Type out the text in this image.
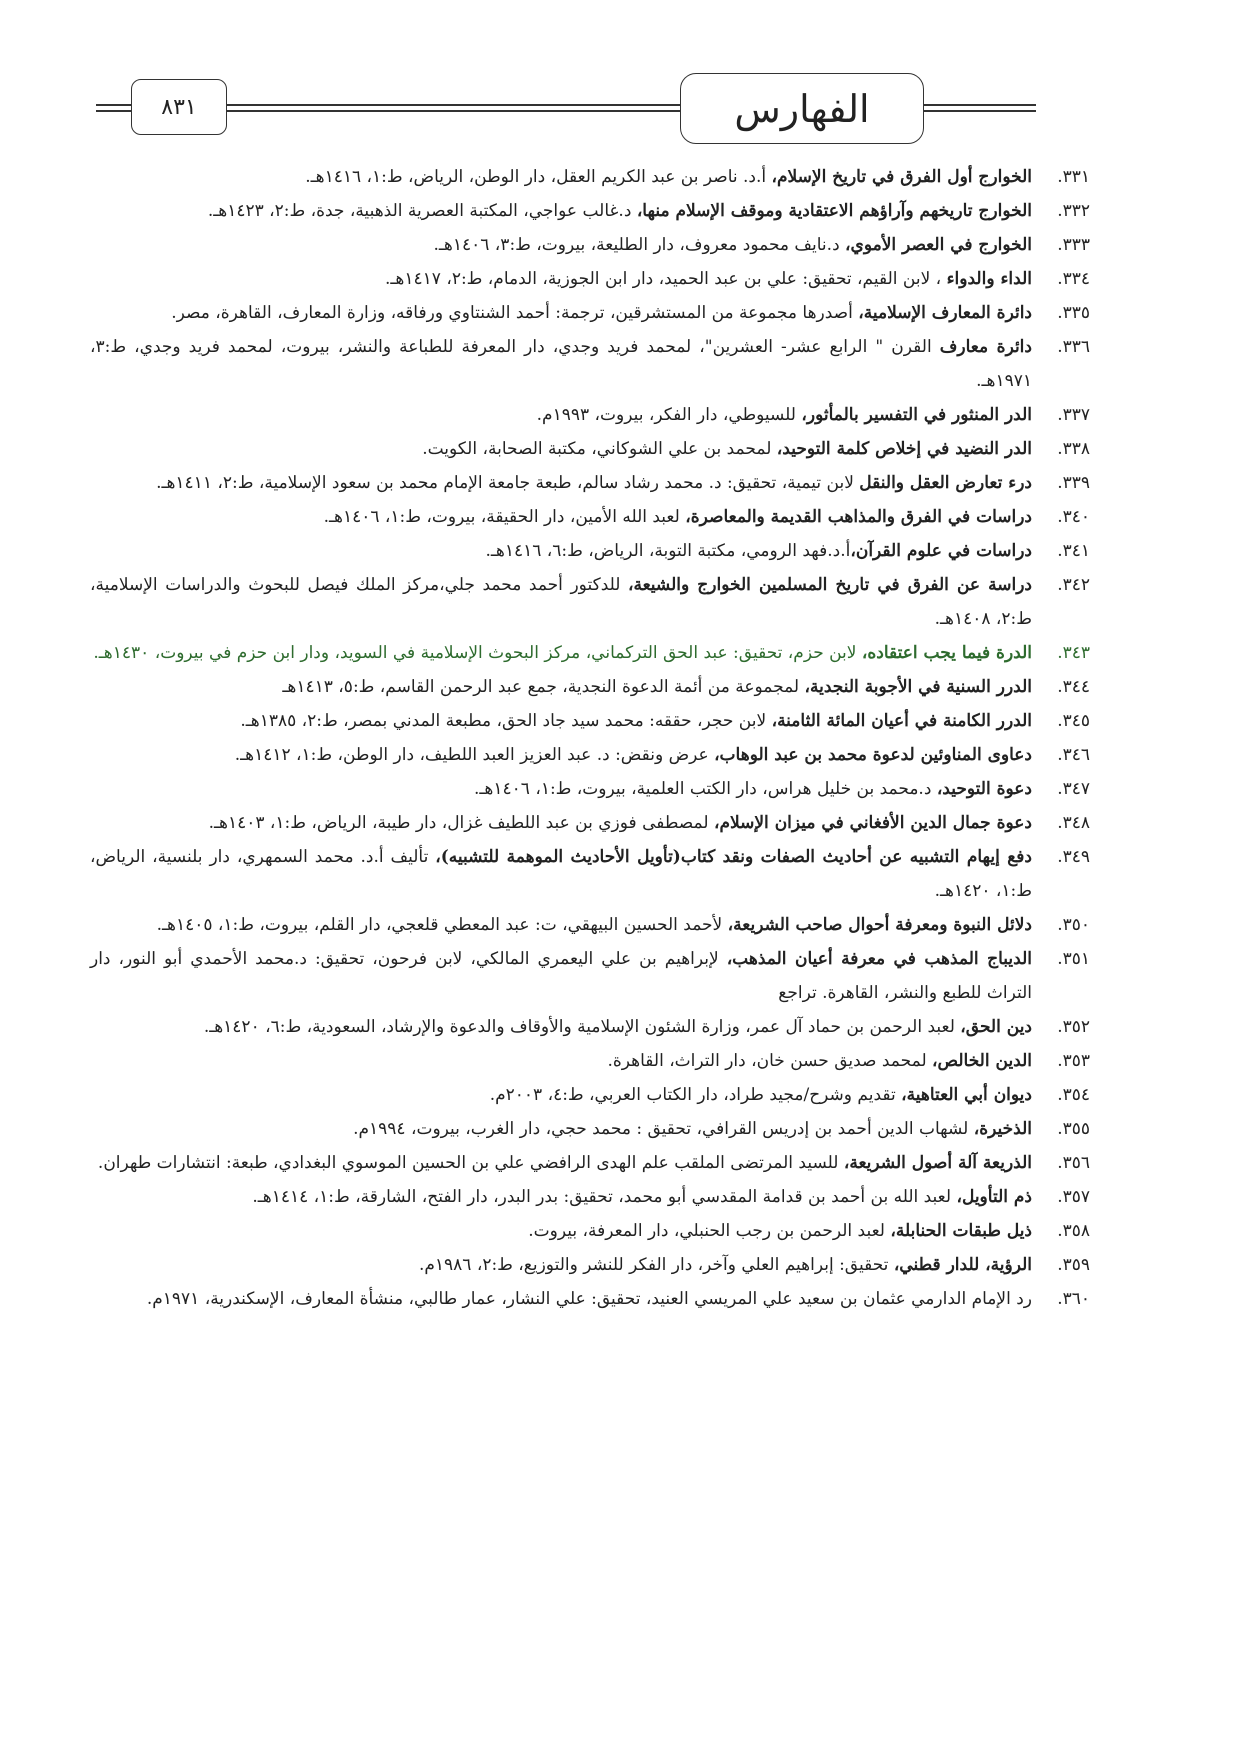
٨٣١	الفهارس
٣٣١.
الخوارج أول الفرق في تاريخ الإسلام، أ.د. ناصر بن عبد الكريم العقل، دار الوطن، الرياض، ط:١، ١٤١٦هـ.
٣٣٢.
الخوارج تاريخهم وآراؤهم الاعتقادية وموقف الإسلام منها، د.غالب عواجي، المكتبة العصرية الذهبية، جدة، ط:٢، ١٤٢٣هـ.
٣٣٣.
الخوارج في العصر الأموي، د.نايف محمود معروف، دار الطليعة، بيروت، ط:٣، ١٤٠٦هـ.
٣٣٤.
الداء والدواء ، لابن القيم، تحقيق: علي بن عبد الحميد، دار ابن الجوزية، الدمام، ط:٢، ١٤١٧هـ.
٣٣٥.
دائرة المعارف الإسلامية، أصدرها مجموعة من المستشرقين، ترجمة: أحمد الشنتاوي ورفاقه، وزارة المعارف، القاهرة، مصر.
٣٣٦.
دائرة معارف القرن " الرابع عشر- العشرين"، لمحمد فريد وجدي، دار المعرفة للطباعة والنشر، بيروت، لمحمد فريد وجدي، ط:٣، ١٩٧١هـ.
٣٣٧.
الدر المنثور في التفسير بالمأثور، للسيوطي، دار الفكر، بيروت، ١٩٩٣م.
٣٣٨.
الدر النضيد في إخلاص كلمة التوحيد، لمحمد بن علي الشوكاني، مكتبة الصحابة، الكويت.
٣٣٩.
درء تعارض العقل والنقل لابن تيمية، تحقيق: د. محمد رشاد سالم، طبعة جامعة الإمام محمد بن سعود الإسلامية، ط:٢، ١٤١١هـ.
٣٤٠.
دراسات في الفرق والمذاهب القديمة والمعاصرة، لعبد الله الأمين، دار الحقيقة، بيروت، ط:١، ١٤٠٦هـ.
٣٤١.
دراسات في علوم القرآن،أ.د.فهد الرومي، مكتبة التوبة، الرياض، ط:٦، ١٤١٦هـ.
٣٤٢.
دراسة عن الفرق في تاريخ المسلمين الخوارج والشيعة، للدكتور أحمد محمد جلي،مركز الملك فيصل للبحوث والدراسات الإسلامية، ط:٢، ١٤٠٨هـ.
٣٤٣.
الدرة فيما يجب اعتقاده، لابن حزم، تحقيق: عبد الحق التركماني، مركز البحوث الإسلامية في السويد، ودار ابن حزم في بيروت، ١٤٣٠هـ.
٣٤٤.
الدرر السنية في الأجوبة النجدية، لمجموعة من أئمة الدعوة النجدية، جمع عبد الرحمن القاسم، ط:٥، ١٤١٣هـ
٣٤٥.
الدرر الكامنة في أعيان المائة الثامنة، لابن حجر، حققه: محمد سيد جاد الحق، مطبعة المدني بمصر، ط:٢، ١٣٨٥هـ.
٣٤٦.
دعاوى المناوئين لدعوة محمد بن عبد الوهاب، عرض ونقض: د. عبد العزيز العبد اللطيف، دار الوطن، ط:١، ١٤١٢هـ.
٣٤٧.
دعوة التوحيد، د.محمد بن خليل هراس، دار الكتب العلمية، بيروت، ط:١، ١٤٠٦هـ.
٣٤٨.
دعوة جمال الدين الأفغاني في ميزان الإسلام، لمصطفى فوزي بن عبد اللطيف غزال، دار طيبة، الرياض، ط:١، ١٤٠٣هـ.
٣٤٩.
دفع إيهام التشبيه عن أحاديث الصفات ونقد كتاب(تأويل الأحاديث الموهمة للتشبيه)، تأليف أ.د. محمد السمهري، دار بلنسية، الرياض، ط:١، ١٤٢٠هـ.
٣٥٠.
دلائل النبوة ومعرفة أحوال صاحب الشريعة، لأحمد الحسين البيهقي، ت: عبد المعطي قلعجي، دار القلم، بيروت، ط:١، ١٤٠٥هـ.
٣٥١.
الديباج المذهب في معرفة أعيان المذهب، لإبراهيم بن علي اليعمري المالكي، لابن فرحون، تحقيق: د.محمد الأحمدي أبو النور، دار التراث للطبع والنشر، القاهرة. تراجع
٣٥٢.
دين الحق، لعبد الرحمن بن حماد آل عمر، وزارة الشئون الإسلامية والأوقاف والدعوة والإرشاد، السعودية، ط:٦، ١٤٢٠هـ.
٣٥٣.
الدين الخالص، لمحمد صديق حسن خان، دار التراث، القاهرة.
٣٥٤.
ديوان أبي العتاهية، تقديم وشرح/مجيد طراد، دار الكتاب العربي، ط:٤، ٢٠٠٣م.
٣٥٥.
الذخيرة، لشهاب الدين أحمد بن إدريس القرافي، تحقيق : محمد حجي، دار الغرب، بيروت، ١٩٩٤م.
٣٥٦.
الذريعة آلة أصول الشريعة، للسيد المرتضى الملقب علم الهدى الرافضي علي بن الحسين الموسوي البغدادي، طبعة: انتشارات طهران.
٣٥٧.
ذم التأويل، لعبد الله بن أحمد بن قدامة المقدسي أبو محمد، تحقيق: بدر البدر، دار الفتح، الشارقة، ط:١، ١٤١٤هـ.
٣٥٨.
ذيل طبقات الحنابلة، لعبد الرحمن بن رجب الحنبلي، دار المعرفة، بيروت.
٣٥٩.
الرؤية، للدار قطني، تحقيق: إبراهيم العلي وآخر، دار الفكر للنشر والتوزيع، ط:٢، ١٩٨٦م.
٣٦٠.
رد الإمام الدارمي عثمان بن سعيد علي المريسي العنيد، تحقيق: علي النشار، عمار طالبي، منشأة المعارف، الإسكندرية، ١٩٧١م.
